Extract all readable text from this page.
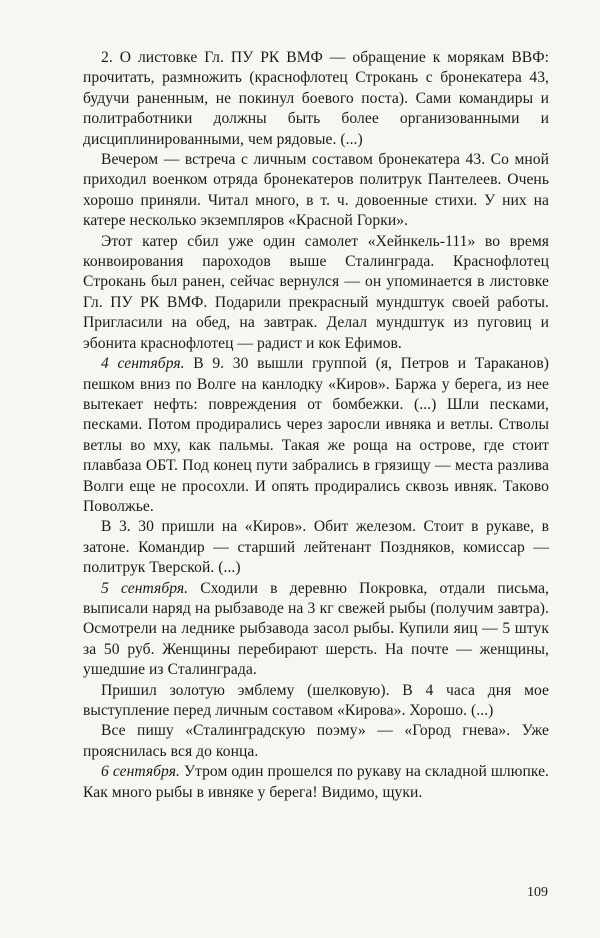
2. О листовке Гл. ПУ РК ВМФ — обращение к морякам ВВФ: прочитать, размножить (краснофлотец Строкань с бронекатера 43, будучи раненным, не покинул боевого поста). Сами командиры и политработники должны быть более организованными и дисциплинированными, чем рядовые. (...)

Вечером — встреча с личным составом бронекатера 43. Со мной приходил военком отряда бронекатеров политрук Пантелеев. Очень хорошо приняли. Читал много, в т. ч. довоенные стихи. У них на катере несколько экземпляров «Красной Горки».

Этот катер сбил уже один самолет «Хейнкель-111» во время конвоирования пароходов выше Сталинграда. Краснофлотец Строкань был ранен, сейчас вернулся — он упоминается в листовке Гл. ПУ РК ВМФ. Подарили прекрасный мундштук своей работы. Пригласили на обед, на завтрак. Делал мундштук из пуговиц и эбонита краснофлотец — радист и кок Ефимов.

4 сентября. В 9. 30 вышли группой (я, Петров и Тараканов) пешком вниз по Волге на канлодку «Киров». Баржа у берега, из нее вытекает нефть: повреждения от бомбежки. (...) Шли песками, песками. Потом продирались через заросли ивняка и ветлы. Стволы ветлы во мху, как пальмы. Такая же роща на острове, где стоит плавбаза ОБТ. Под конец пути забрались в грязищу — места разлива Волги еще не просохли. И опять продирались сквозь ивняк. Таково Поволжье.

В 3. 30 пришли на «Киров». Обит железом. Стоит в рукаве, в затоне. Командир — старший лейтенант Поздняков, комиссар — политрук Тверской. (...)

5 сентября. Сходили в деревню Покровка, отдали письма, выписали наряд на рыбзаводе на 3 кг свежей рыбы (получим завтра). Осмотрели на леднике рыбзавода засол рыбы. Купили яиц — 5 штук за 50 руб. Женщины перебирают шерсть. На почте — женщины, ушедшие из Сталинграда.

Пришил золотую эмблему (шелковую). В 4 часа дня мое выступление перед личным составом «Кирова». Хорошо. (...)

Все пишу «Сталинградскую поэму» — «Город гнева». Уже прояснилась вся до конца.

6 сентября. Утром один прошелся по рукаву на складной шлюпке. Как много рыбы в ивняке у берега! Видимо, щуки.

109
